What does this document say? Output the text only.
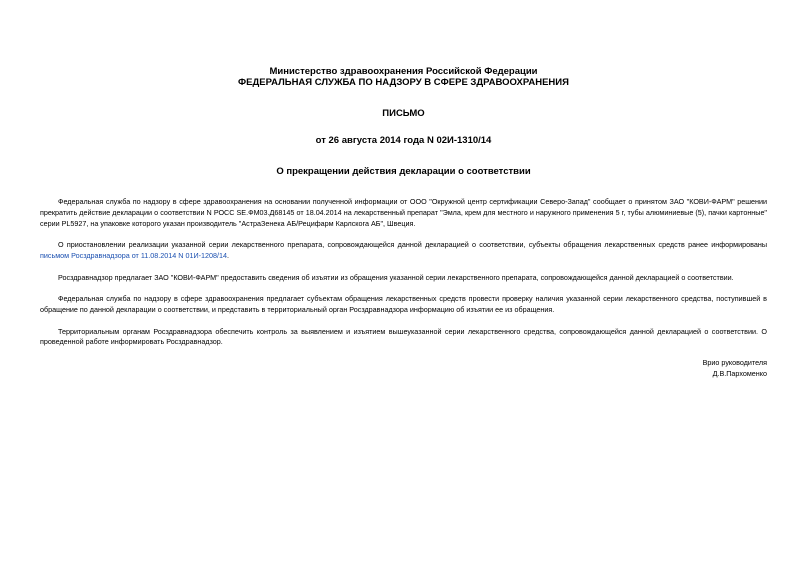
Министерство здравоохранения Российской Федерации
ФЕДЕРАЛЬНАЯ СЛУЖБА ПО НАДЗОРУ В СФЕРЕ ЗДРАВООХРАНЕНИЯ
ПИСЬМО
от 26 августа 2014 года N 02И-1310/14
О прекращении действия декларации о соответствии

Федеральная служба по надзору в сфере здравоохранения на основании полученной информации от ООО "Окружной центр сертификации Северо-Запад" сообщает о принятом ЗАО "КОВИ-ФАРМ" решении прекратить действие декларации о соответствии N РОСС SE.ФМ03.Д68145 от 18.04.2014 на лекарственный препарат "Эмла, крем для местного и наружного применения 5 г, тубы алюминиевые (5), пачки картонные" серии PL5927, на упаковке которого указан производитель "АстраЗенека АБ/Рецифарм Карлскога АБ", Швеция.

О приостановлении реализации указанной серии лекарственного препарата, сопровождающейся данной декларацией о соответствии, субъекты обращения лекарственных средств ранее информированы письмом Росздравнадзора от 11.08.2014 N 01И-1208/14.

Росздравнадзор предлагает ЗАО "КОВИ-ФАРМ" предоставить сведения об изъятии из обращения указанной серии лекарственного препарата, сопровождающейся данной декларацией о соответствии.

Федеральная служба по надзору в сфере здравоохранения предлагает субъектам обращения лекарственных средств провести проверку наличия указанной серии лекарственного средства, поступившей в обращение по данной декларации о соответствии, и представить в территориальный орган Росздравнадзора информацию об изъятии ее из обращения.

Территориальным органам Росздравнадзора обеспечить контроль за выявлением и изъятием вышеуказанной серии лекарственного средства, сопровождающейся данной декларацией о соответствии. О проведенной работе информировать Росздравнадзор.

Врио руководителя
Д.В.Пархоменко
